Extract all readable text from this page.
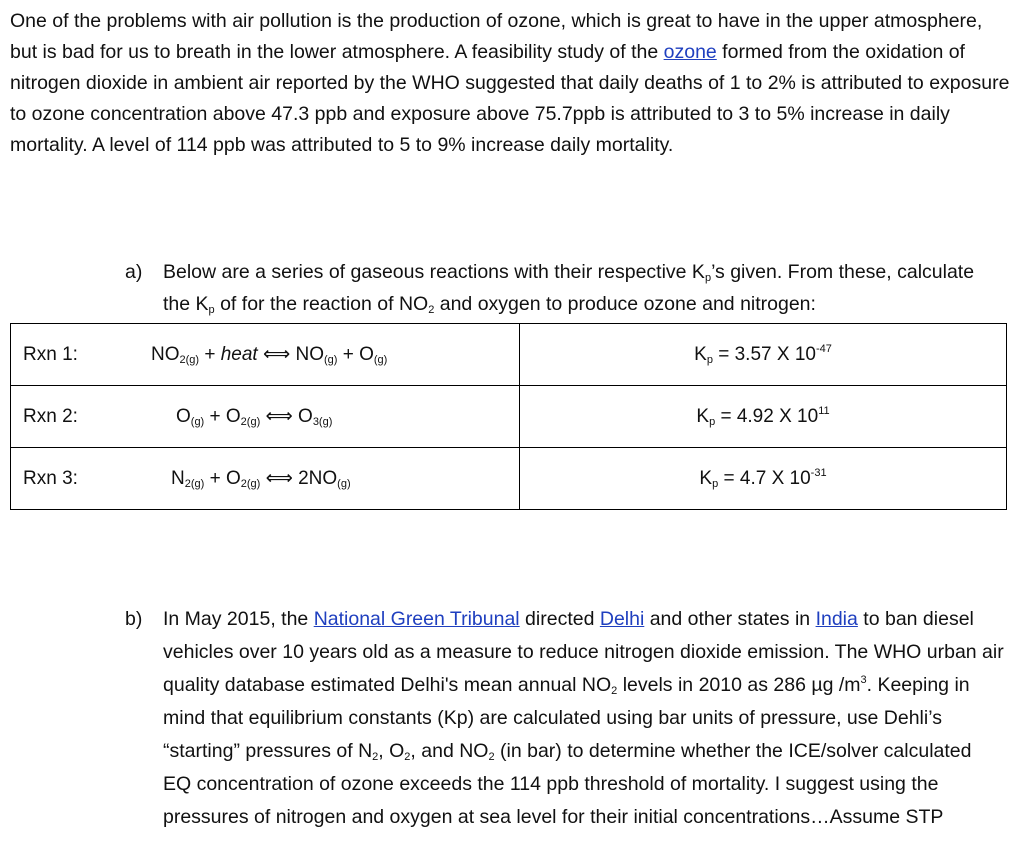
One of the problems with air pollution is the production of ozone, which is great to have in the upper atmosphere, but is bad for us to breath in the lower atmosphere. A feasibility study of the ozone formed from the oxidation of nitrogen dioxide in ambient air reported by the WHO suggested that daily deaths of 1 to 2% is attributed to exposure to ozone concentration above 47.3 ppb and exposure above 75.7ppb is attributed to 3 to 5% increase in daily mortality. A level of 114 ppb was attributed to 5 to 9% increase daily mortality.
a)	Below are a series of gaseous reactions with their respective $K_p’s$ given. From these, calculate the $K_p$ of for the reaction of $NO_2$ and oxygen to produce ozone and nitrogen:
Rxn 1:	$NO_{2(g)}$ + heat ⟺ $NO_{(g)} + O_{(g)}$	$K_p = 3.57$ X $10^{-47}$
Rxn 2:	$O_{(g)} + O_{2(g)}$ ⟺ $O_{3(g)}$	$K_p = 4.92$ X $10^{11}$
Rxn 3:	$N_{2(g)} + O_{2(g)}$ ⟺ $2NO_{(g)}$	$K_p = 4.7$ X $10^{-31}$
b)	In May 2015, the National Green Tribunal directed Delhi and other states in India to ban diesel vehicles over 10 years old as a measure to reduce nitrogen dioxide emission. The WHO urban air quality database estimated Delhi's mean annual $NO_2$ levels in 2010 as 286 µg $/m^3$. Keeping in mind that equilibrium constants (Kp) are calculated using bar units of pressure, use Dehli’s “starting” pressures of $N_2$, $O_2$, and $NO_2$ (in bar) to determine whether the ICE/solver calculated EQ concentration of ozone exceeds the 114 ppb threshold of mortality. I suggest using the pressures of nitrogen and oxygen at sea level for their initial concentrations…Assume STP
